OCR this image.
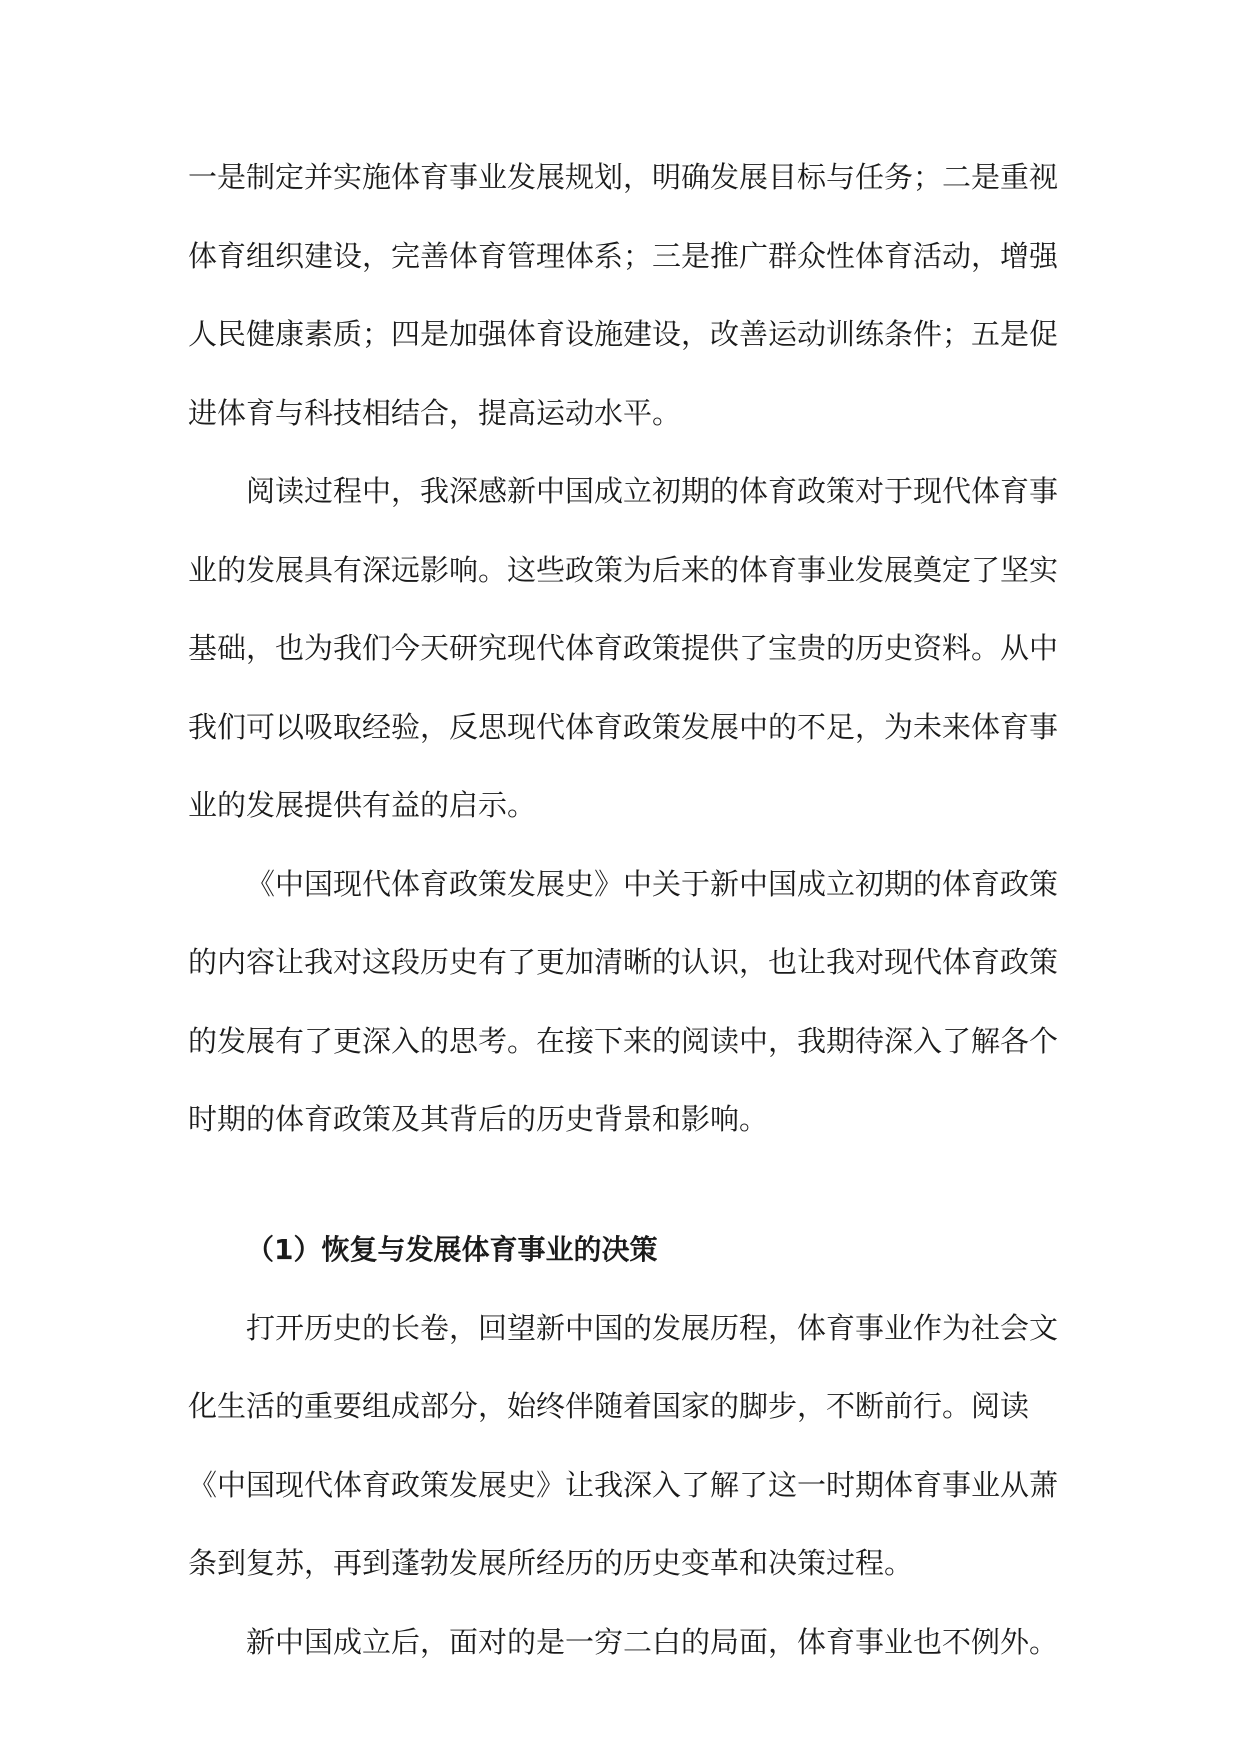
一是制定并实施体育事业发展规划，明确发展目标与任务；二是重视
体育组织建设，完善体育管理体系；三是推广群众性体育活动，增强
人民健康素质；四是加强体育设施建设，改善运动训练条件；五是促
进体育与科技相结合，提高运动水平。
阅读过程中，我深感新中国成立初期的体育政策对于现代体育事
业的发展具有深远影响。这些政策为后来的体育事业发展奠定了坚实
基础，也为我们今天研究现代体育政策提供了宝贵的历史资料。从中
我们可以吸取经验，反思现代体育政策发展中的不足，为未来体育事
业的发展提供有益的启示。
《中国现代体育政策发展史》中关于新中国成立初期的体育政策
的内容让我对这段历史有了更加清晰的认识，也让我对现代体育政策
的发展有了更深入的思考。在接下来的阅读中，我期待深入了解各个
时期的体育政策及其背后的历史背景和影响。
（1）恢复与发展体育事业的决策
打开历史的长卷，回望新中国的发展历程，体育事业作为社会文
化生活的重要组成部分，始终伴随着国家的脚步，不断前行。阅读
《中国现代体育政策发展史》让我深入了解了这一时期体育事业从萧
条到复苏，再到蓬勃发展所经历的历史变革和决策过程。
新中国成立后，面对的是一穷二白的局面，体育事业也不例外。
